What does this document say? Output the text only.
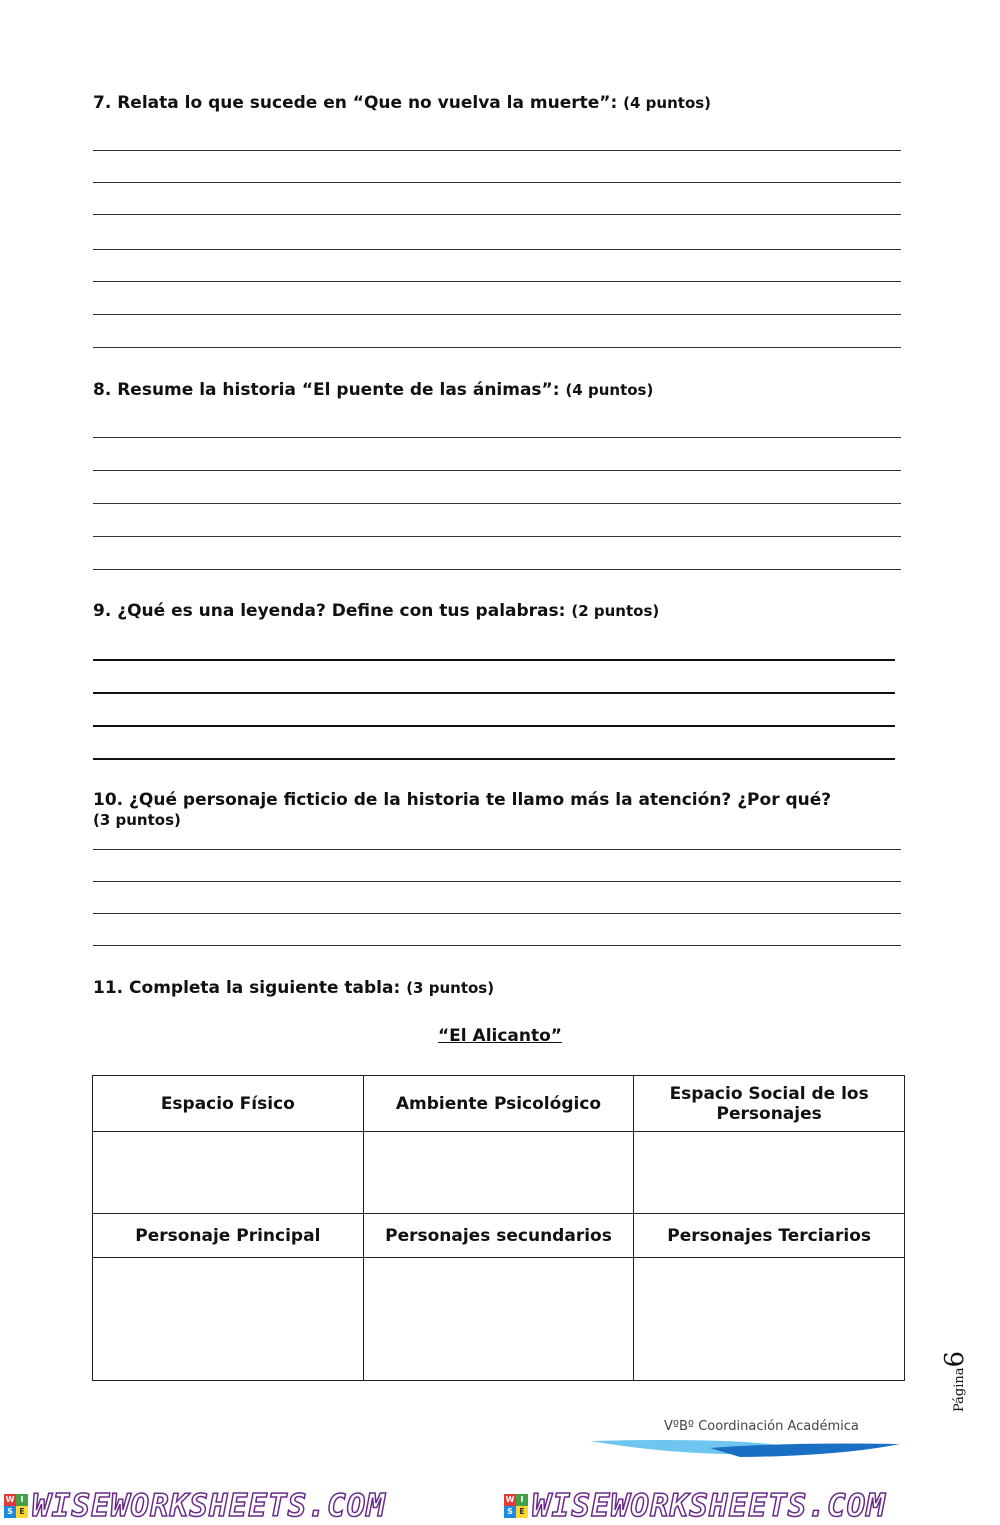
7. Relata lo que sucede en “Que no vuelva la muerte”: (4 puntos)
8. Resume la historia “El puente de las ánimas”: (4 puntos)
9. ¿Qué es una leyenda? Define con tus palabras: (2 puntos)
10. ¿Qué personaje ficticio de la historia te llamo más la atención? ¿Por qué?
(3 puntos)
11. Completa la siguiente tabla: (3 puntos)
“El Alicanto”
Espacio Físico	Ambiente Psicológico	Espacio Social de los Personajes

Personaje Principal	Personajes secundarios	Personajes Terciarios

Página6
VºBº Coordinación Académica
W I
S E WISEWORKSHEETS.COM	W I
S E WISEWORKSHEETS.COM
